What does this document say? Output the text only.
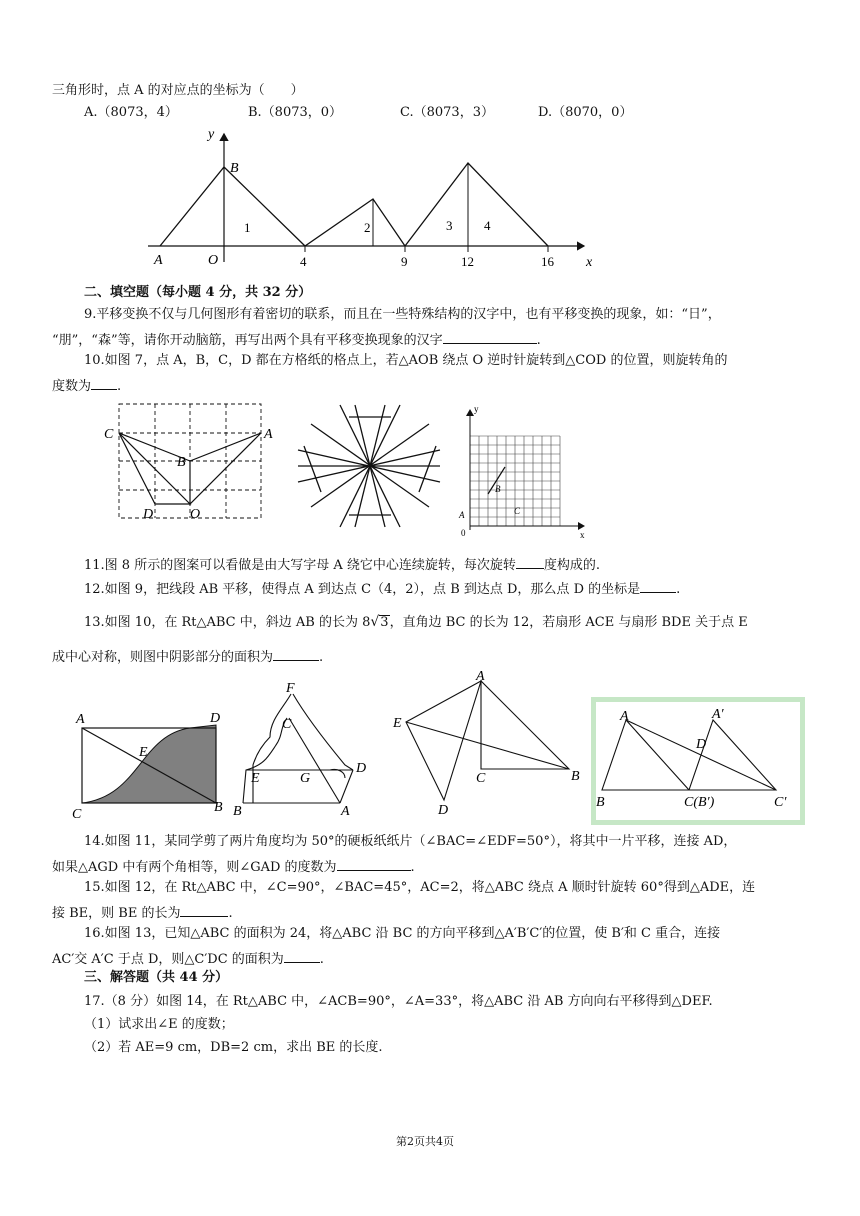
三角形时，点 A 的对应点的坐标为（　　）
A.（8073，4）	B.（8073，0）	C.（8073，3）	D.（8070，0）
y
x
B
A	O	4	9	12	16
1	2	3 4
二、填空题（每小题 4 分，共 32 分）
9.平移变换不仅与几何图形有着密切的联系，而且在一些特殊结构的汉字中，也有平移变换的现象，如：“日”，
“朋”，“森”等，请你开动脑筋，再写出两个具有平移变换现象的汉字	.
10.如图 7，点 A，B，C，D 都在方格纸的格点上，若△AOB 绕点 O 逆时针旋转到△COD 的位置，则旋转角的
度数为 .
C	A
B
D	O
y
x
B
C
A
0
11.图 8 所示的图案可以看做是由大写字母 A 绕它中心连续旋转，每次旋转 度构成的.
12.如图 9，把线段 AB 平移，使得点 A 到达点 C（4，2），点 B 到达点 D，那么点 D 的坐标是	.
13.如图 10，在 Rt△ABC 中，斜边 AB 的长为 8√3，直角边 BC 的长为 12，若扇形 ACE 与扇形 BDE 关于点 E
成中心对称，则图中阴影部分的面积为	.
A	D
E
C	B
F
C
E	G
D
B	A
A
E
C	B
D
A	A′
D
B	C(B′)	C′
14.如图 11，某同学剪了两片角度均为 50°的硬板纸纸片（∠BAC=∠EDF=50°），将其中一片平移，连接 AD，
如果△AGD 中有两个角相等，则∠GAD 的度数为	.
15.如图 12，在 Rt△ABC 中，∠C=90°，∠BAC=45°，AC=2，将△ABC 绕点 A 顺时针旋转 60°得到△ADE，连
接 BE，则 BE 的长为	.
16.如图 13，已知△ABC 的面积为 24，将△ABC 沿 BC 的方向平移到△A′B′C′的位置，使 B′和 C 重合，连接
AC′交 A′C 于点 D，则△C′DC 的面积为	.
三、解答题（共 44 分）
17.（8 分）如图 14，在 Rt△ABC 中，∠ACB=90°，∠A=33°，将△ABC 沿 AB 方向向右平移得到△DEF.
（1）试求出∠E 的度数；
（2）若 AE=9 cm，DB=2 cm，求出 BE 的长度.
第2页共4页
